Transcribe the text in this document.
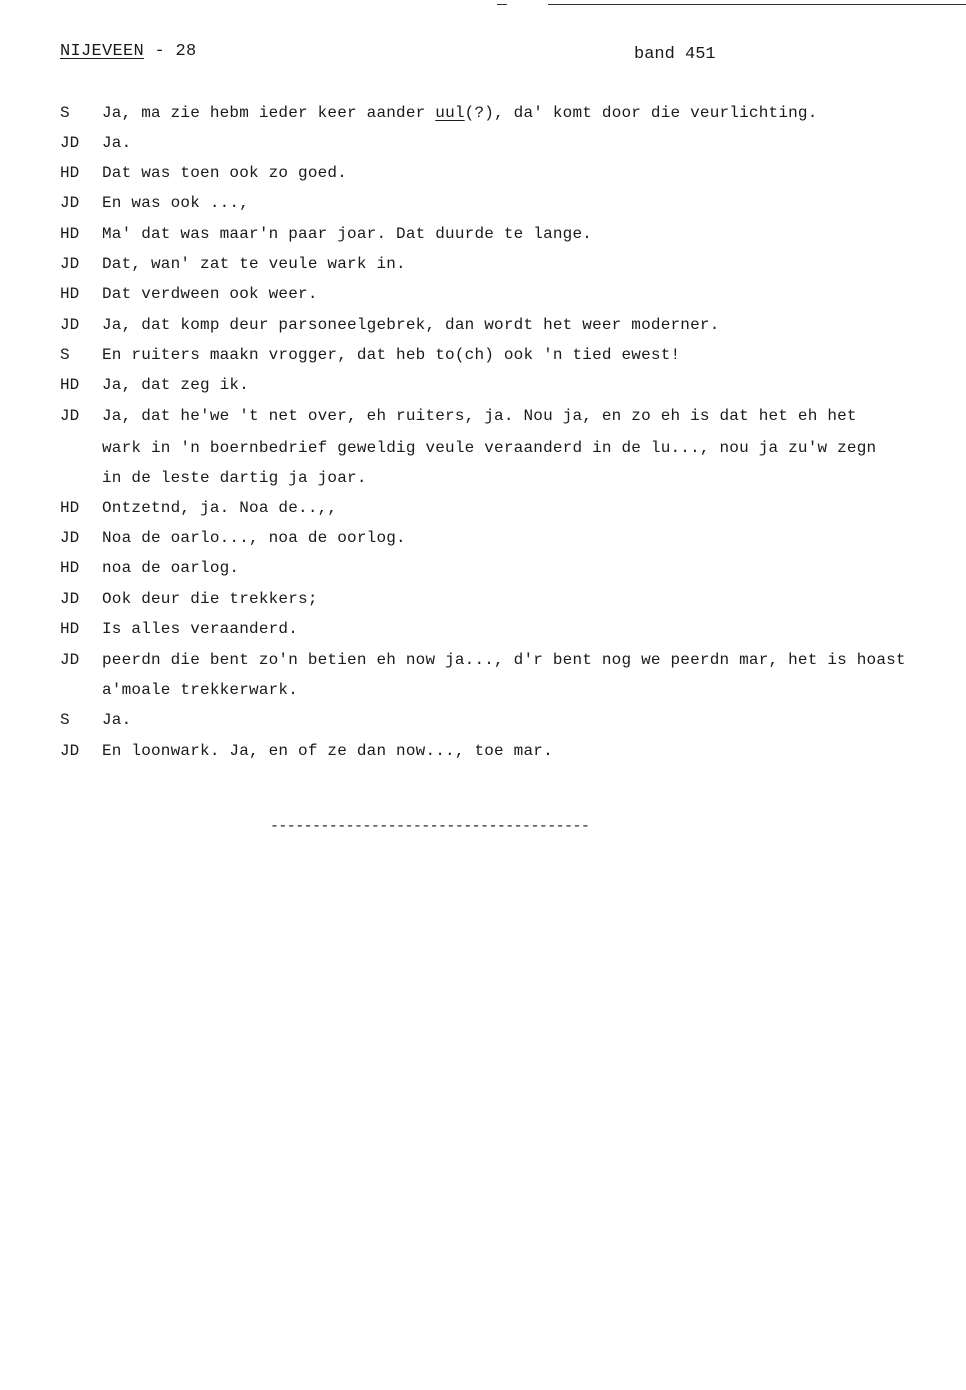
NIJEVEEN - 28	band 451
S Ja, ma zie hebm ieder keer aander uul(?), da' komt door die veurlichting.
JD Ja.
HD Dat was toen ook zo goed.
JD En was ook ...,
HD Ma' dat was maar'n paar joar. Dat duurde te lange.
JD Dat, wan' zat te veule wark in.
HD Dat verdween ook weer.
JD Ja, dat komp deur parsoneelgebrek, dan wordt het weer moderner.
S En ruiters maakn vrogger, dat heb to(ch) ook 'n tied ewest!
HD Ja, dat zeg ik.
JD Ja, dat he'we 't net over, eh ruiters, ja. Nou ja, en zo eh is dat het eh het
wark in 'n boernbedrief geweldig veule veraanderd in de lu..., nou ja zu'w zegn
in de leste dartig ja joar.
HD Ontzetnd, ja. Noa de..,,
JD Noa de oarlo..., noa de oorlog.
HD noa de oarlog.
JD Ook deur die trekkers;
HD Is alles veraanderd.
JD peerdn die bent zo'n betien eh now ja..., d'r bent nog we peerdn mar, het is hoast
a'moale trekkerwark.
S Ja.
JD En loonwark. Ja, en of ze dan now..., toe mar.
--------------------------------------
